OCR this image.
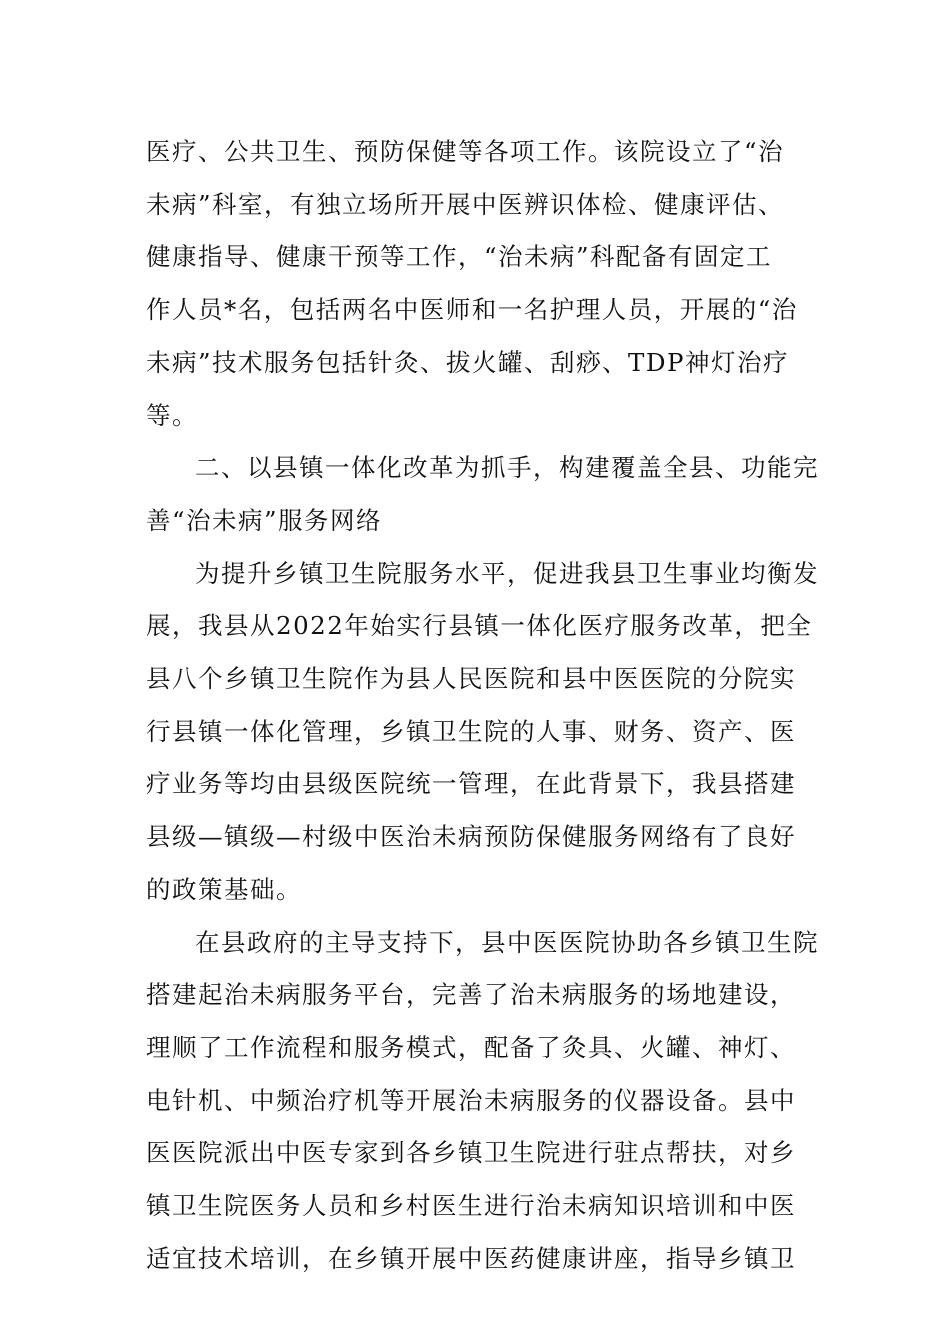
医疗、公共卫生、预防保健等各项工作。该院设立了“治
未病”科室，有独立场所开展中医辨识体检、健康评估、
健康指导、健康干预等工作，“治未病”科配备有固定工
作人员*名，包括两名中医师和一名护理人员，开展的“治
未病”技术服务包括针灸、拔火罐、刮痧、TDP神灯治疗
等。

二、以县镇一体化改革为抓手，构建覆盖全县、功能完
善“治未病”服务网络

为提升乡镇卫生院服务水平，促进我县卫生事业均衡发
展，我县从2022年始实行县镇一体化医疗服务改革，把全
县八个乡镇卫生院作为县人民医院和县中医医院的分院实
行县镇一体化管理，乡镇卫生院的人事、财务、资产、医
疗业务等均由县级医院统一管理，在此背景下，我县搭建
县级—镇级—村级中医治未病预防保健服务网络有了良好
的政策基础。

在县政府的主导支持下，县中医医院协助各乡镇卫生院
搭建起治未病服务平台，完善了治未病服务的场地建设，
理顺了工作流程和服务模式，配备了灸具、火罐、神灯、
电针机、中频治疗机等开展治未病服务的仪器设备。县中
医医院派出中医专家到各乡镇卫生院进行驻点帮扶，对乡
镇卫生院医务人员和乡村医生进行治未病知识培训和中医
适宜技术培训，在乡镇开展中医药健康讲座，指导乡镇卫
